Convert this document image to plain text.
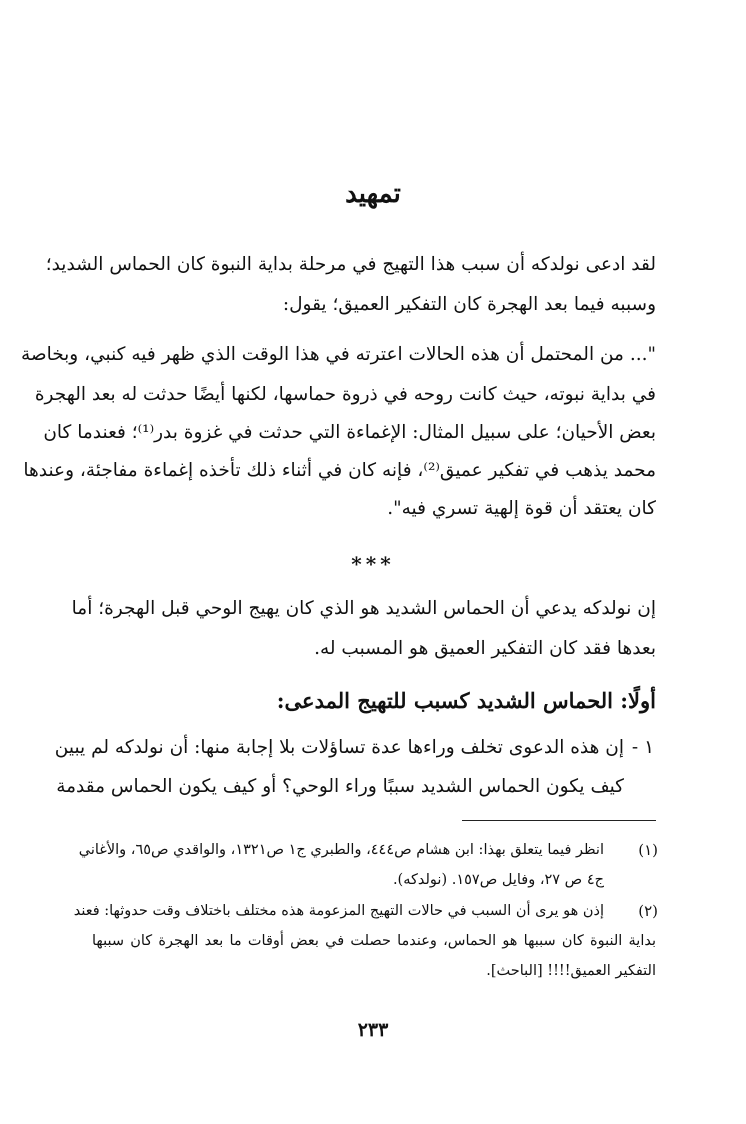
تمهيد
لقد ادعى نولدكه أن سبب هذا التهيج في مرحلة بداية النبوة كان الحماس الشديد؛
وسببه فيما بعد الهجرة كان التفكير العميق؛ يقول:
"... من المحتمل أن هذه الحالات اعترته في هذا الوقت الذي ظهر فيه كنبي، وبخاصة
في بداية نبوته، حيث كانت روحه في ذروة حماسها، لكنها أيضًا حدثت له بعد الهجرة
بعض الأحيان؛ على سبيل المثال: الإغماءة التي حدثت في غزوة بدر⁽¹⁾؛ فعندما كان
محمد يذهب في تفكير عميق⁽²⁾، فإنه كان في أثناء ذلك تأخذه إغماءة مفاجئة، وعندها
كان يعتقد أن قوة إلهية تسري فيه".
***
إن نولدكه يدعي أن الحماس الشديد هو الذي كان يهيج الوحي قبل الهجرة؛ أما
بعدها فقد كان التفكير العميق هو المسبب له.
أولًا: الحماس الشديد كسبب للتهيج المدعى:
١ -
إن هذه الدعوى تخلف وراءها عدة تساؤلات بلا إجابة منها: أن نولدكه لم يبين
كيف يكون الحماس الشديد سببًا وراء الوحي؟ أو كيف يكون الحماس مقدمة
(١)
انظر فيما يتعلق بهذا: ابن هشام ص٤٤٤، والطبري ج١ ص١٣٢١، والواقدي ص٦٥، والأغاني
ج٤ ص ٢٧، وفايل ص١٥٧. (نولدكه).
(٢)
إذن هو يرى أن السبب في حالات التهيج المزعومة هذه مختلف باختلاف وقت حدوثها: فعند
بداية النبوة كان سببها هو الحماس، وعندما حصلت في بعض أوقات ما بعد الهجرة كان سببها
التفكير العميق!!!! [الباحث].
٢٣٣
